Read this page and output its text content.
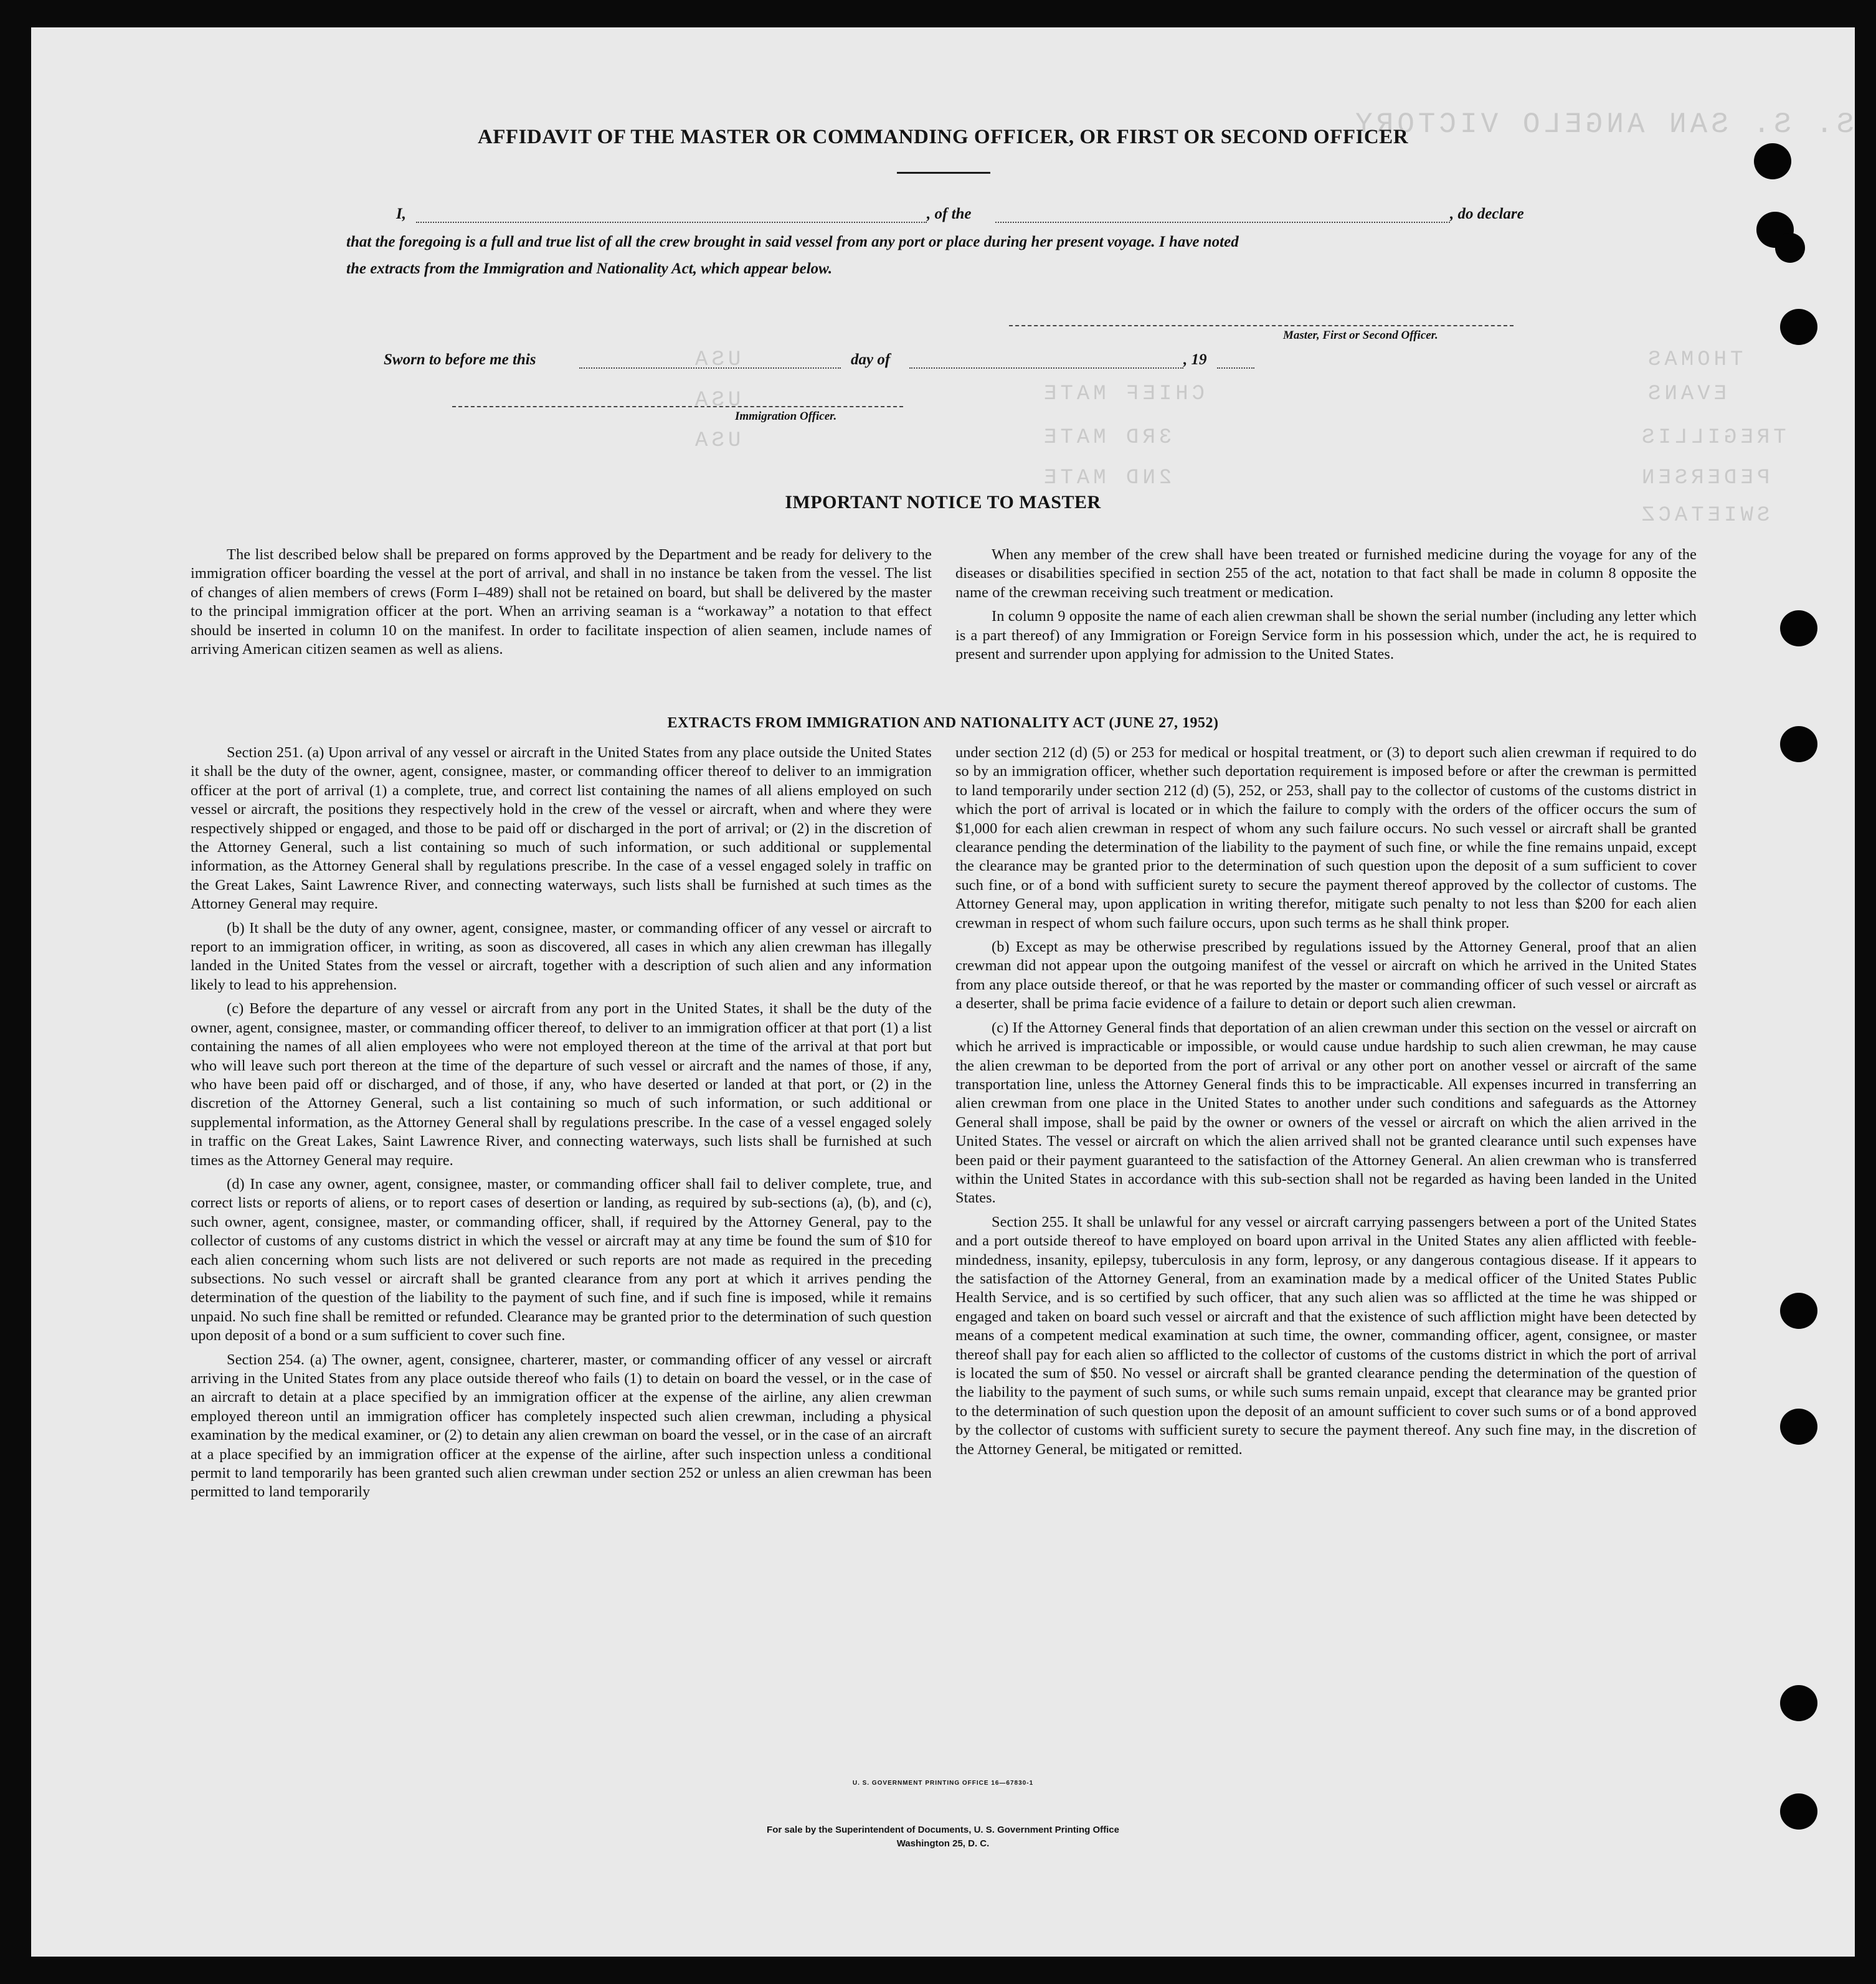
S. S. SAN ANGELO VICTORY
THOMAS
EVANS
TREGILLIS
PEDERSEN
SWIETACZ
CHIEF MATE
2ND MATE
3RD MATE
USA
USA
USA
AFFIDAVIT OF THE MASTER OR COMMANDING OFFICER, OR FIRST OR SECOND OFFICER
I,	, of the	, do declare
that the foregoing is a full and true list of all the crew brought in said vessel from any port or place during her present voyage. I have noted
the extracts from the Immigration and Nationality Act, which appear below.
Master, First or Second Officer.
Sworn to before me this	day of	, 19
Immigration Officer.
IMPORTANT NOTICE TO MASTER

The list described below shall be prepared on forms approved by the Department and be ready for delivery to the immigration officer boarding the vessel at the port of arrival, and shall in no instance be taken from the vessel. The list of changes of alien members of crews (Form I–489) shall not be retained on board, but shall be delivered by the master to the principal immigration officer at the port. When an arriving seaman is a “workaway” a notation to that effect should be inserted in column 10 on the manifest. In order to facilitate inspection of alien seamen, include names of arriving American citizen seamen as well as aliens.

When any member of the crew shall have been treated or furnished medicine during the voyage for any of the diseases or disabilities specified in section 255 of the act, notation to that fact shall be made in column 8 opposite the name of the crewman receiving such treatment or medication.

In column 9 opposite the name of each alien crewman shall be shown the serial number (including any letter which is a part thereof) of any Immigration or Foreign Service form in his possession which, under the act, he is required to present and surrender upon applying for admission to the United States.

EXTRACTS FROM IMMIGRATION AND NATIONALITY ACT (JUNE 27, 1952)

Section 251. (a) Upon arrival of any vessel or aircraft in the United States from any place outside the United States it shall be the duty of the owner, agent, consignee, master, or commanding officer thereof to deliver to an immigration officer at the port of arrival (1) a complete, true, and correct list containing the names of all aliens employed on such vessel or aircraft, the positions they respectively hold in the crew of the vessel or aircraft, when and where they were respectively shipped or engaged, and those to be paid off or discharged in the port of arrival; or (2) in the discretion of the Attorney General, such a list containing so much of such information, or such additional or supplemental information, as the Attorney General shall by regulations prescribe. In the case of a vessel engaged solely in traffic on the Great Lakes, Saint Lawrence River, and connecting waterways, such lists shall be furnished at such times as the Attorney General may require.

(b) It shall be the duty of any owner, agent, consignee, master, or commanding officer of any vessel or aircraft to report to an immigration officer, in writing, as soon as discovered, all cases in which any alien crewman has illegally landed in the United States from the vessel or aircraft, together with a description of such alien and any information likely to lead to his apprehension.

(c) Before the departure of any vessel or aircraft from any port in the United States, it shall be the duty of the owner, agent, consignee, master, or commanding officer thereof, to deliver to an immigration officer at that port (1) a list containing the names of all alien employees who were not employed thereon at the time of the arrival at that port but who will leave such port thereon at the time of the departure of such vessel or aircraft and the names of those, if any, who have been paid off or discharged, and of those, if any, who have deserted or landed at that port, or (2) in the discretion of the Attorney General, such a list containing so much of such information, or such additional or supplemental information, as the Attorney General shall by regulations prescribe. In the case of a vessel engaged solely in traffic on the Great Lakes, Saint Lawrence River, and connecting waterways, such lists shall be furnished at such times as the Attorney General may require.

(d) In case any owner, agent, consignee, master, or commanding officer shall fail to deliver complete, true, and correct lists or reports of aliens, or to report cases of desertion or landing, as required by sub-sections (a), (b), and (c), such owner, agent, consignee, master, or commanding officer, shall, if required by the Attorney General, pay to the collector of customs of any customs district in which the vessel or aircraft may at any time be found the sum of $10 for each alien concerning whom such lists are not delivered or such reports are not made as required in the preceding subsections. No such vessel or aircraft shall be granted clearance from any port at which it arrives pending the determination of the question of the liability to the payment of such fine, and if such fine is imposed, while it remains unpaid. No such fine shall be remitted or refunded. Clearance may be granted prior to the determination of such question upon deposit of a bond or a sum sufficient to cover such fine.

Section 254. (a) The owner, agent, consignee, charterer, master, or commanding officer of any vessel or aircraft arriving in the United States from any place outside thereof who fails (1) to detain on board the vessel, or in the case of an aircraft to detain at a place specified by an immigration officer at the expense of the airline, any alien crewman employed thereon until an immigration officer has completely inspected such alien crewman, including a physical examination by the medical examiner, or (2) to detain any alien crewman on board the vessel, or in the case of an aircraft at a place specified by an immigration officer at the expense of the airline, after such inspection unless a conditional permit to land temporarily has been granted such alien crewman under section 252 or unless an alien crewman has been permitted to land temporarily

under section 212 (d) (5) or 253 for medical or hospital treatment, or (3) to deport such alien crewman if required to do so by an immigration officer, whether such deportation requirement is imposed before or after the crewman is permitted to land temporarily under section 212 (d) (5), 252, or 253, shall pay to the collector of customs of the customs district in which the port of arrival is located or in which the failure to comply with the orders of the officer occurs the sum of $1,000 for each alien crewman in respect of whom any such failure occurs. No such vessel or aircraft shall be granted clearance pending the determination of the liability to the payment of such fine, or while the fine remains unpaid, except the clearance may be granted prior to the determination of such question upon the deposit of a sum sufficient to cover such fine, or of a bond with sufficient surety to secure the payment thereof approved by the collector of customs. The Attorney General may, upon application in writing therefor, mitigate such penalty to not less than $200 for each alien crewman in respect of whom such failure occurs, upon such terms as he shall think proper.

(b) Except as may be otherwise prescribed by regulations issued by the Attorney General, proof that an alien crewman did not appear upon the outgoing manifest of the vessel or aircraft on which he arrived in the United States from any place outside thereof, or that he was reported by the master or commanding officer of such vessel or aircraft as a deserter, shall be prima facie evidence of a failure to detain or deport such alien crewman.

(c) If the Attorney General finds that deportation of an alien crewman under this section on the vessel or aircraft on which he arrived is impracticable or impossible, or would cause undue hardship to such alien crewman, he may cause the alien crewman to be deported from the port of arrival or any other port on another vessel or aircraft of the same transportation line, unless the Attorney General finds this to be impracticable. All expenses incurred in transferring an alien crewman from one place in the United States to another under such conditions and safeguards as the Attorney General shall impose, shall be paid by the owner or owners of the vessel or aircraft on which the alien arrived in the United States. The vessel or aircraft on which the alien arrived shall not be granted clearance until such expenses have been paid or their payment guaranteed to the satisfaction of the Attorney General. An alien crewman who is transferred within the United States in accordance with this sub-section shall not be regarded as having been landed in the United States.

Section 255. It shall be unlawful for any vessel or aircraft carrying passengers between a port of the United States and a port outside thereof to have employed on board upon arrival in the United States any alien afflicted with feeble-mindedness, insanity, epilepsy, tuberculosis in any form, leprosy, or any dangerous contagious disease. If it appears to the satisfaction of the Attorney General, from an examination made by a medical officer of the United States Public Health Service, and is so certified by such officer, that any such alien was so afflicted at the time he was shipped or engaged and taken on board such vessel or aircraft and that the existence of such affliction might have been detected by means of a competent medical examination at such time, the owner, commanding officer, agent, consignee, or master thereof shall pay for each alien so afflicted to the collector of customs of the customs district in which the port of arrival is located the sum of $50. No vessel or aircraft shall be granted clearance pending the determination of the question of the liability to the payment of such sums, or while such sums remain unpaid, except that clearance may be granted prior to the determination of such question upon the deposit of an amount sufficient to cover such sums or of a bond approved by the collector of customs with sufficient surety to secure the payment thereof. Any such fine may, in the discretion of the Attorney General, be mitigated or remitted.

U. S. GOVERNMENT PRINTING OFFICE 16—67830-1
For sale by the Superintendent of Documents, U. S. Government Printing Office
Washington 25, D. C.
